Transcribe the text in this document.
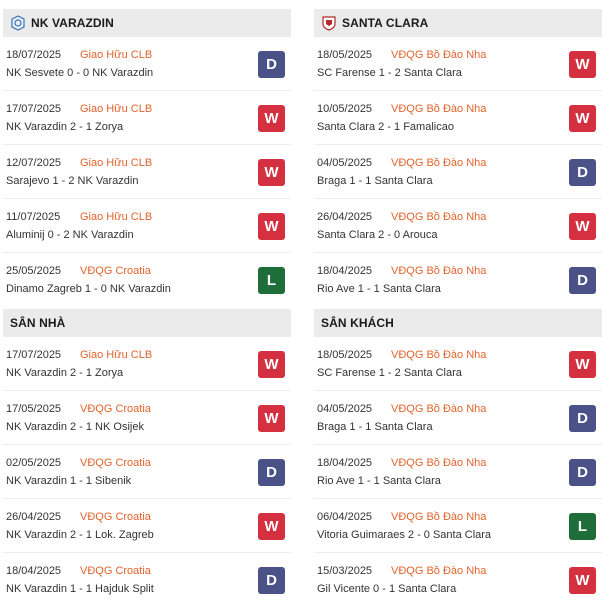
NK VARAZDIN
18/07/2025 Giao Hữu CLB
NK Sesvete 0 - 0 NK Varazdin	D
17/07/2025 Giao Hữu CLB
NK Varazdin 2 - 1 Zorya	W
12/07/2025 Giao Hữu CLB
Sarajevo 1 - 2 NK Varazdin	W
11/07/2025 Giao Hữu CLB
Aluminij 0 - 2 NK Varazdin	W
25/05/2025 VĐQG Croatia
Dinamo Zagreb 1 - 0 NK Varazdin	L
SANTA CLARA
18/05/2025 VĐQG Bồ Đào Nha
SC Farense 1 - 2 Santa Clara	W
10/05/2025 VĐQG Bồ Đào Nha
Santa Clara 2 - 1 Famalicao	W
04/05/2025 VĐQG Bồ Đào Nha
Braga 1 - 1 Santa Clara	D
26/04/2025 VĐQG Bồ Đào Nha
Santa Clara 2 - 0 Arouca	W
18/04/2025 VĐQG Bồ Đào Nha
Rio Ave 1 - 1 Santa Clara	D
SÂN NHÀ
17/07/2025 Giao Hữu CLB
NK Varazdin 2 - 1 Zorya	W
17/05/2025 VĐQG Croatia
NK Varazdin 2 - 1 NK Osijek	W
02/05/2025 VĐQG Croatia
NK Varazdin 1 - 1 Sibenik	D
26/04/2025 VĐQG Croatia
NK Varazdin 2 - 1 Lok. Zagreb	W
18/04/2025 VĐQG Croatia
NK Varazdin 1 - 1 Hajduk Split	D
SÂN KHÁCH
18/05/2025 VĐQG Bồ Đào Nha
SC Farense 1 - 2 Santa Clara	W
04/05/2025 VĐQG Bồ Đào Nha
Braga 1 - 1 Santa Clara	D
18/04/2025 VĐQG Bồ Đào Nha
Rio Ave 1 - 1 Santa Clara	D
06/04/2025 VĐQG Bồ Đào Nha
Vitoria Guimaraes 2 - 0 Santa Clara	L
15/03/2025 VĐQG Bồ Đào Nha
Gil Vicente 0 - 1 Santa Clara	W
